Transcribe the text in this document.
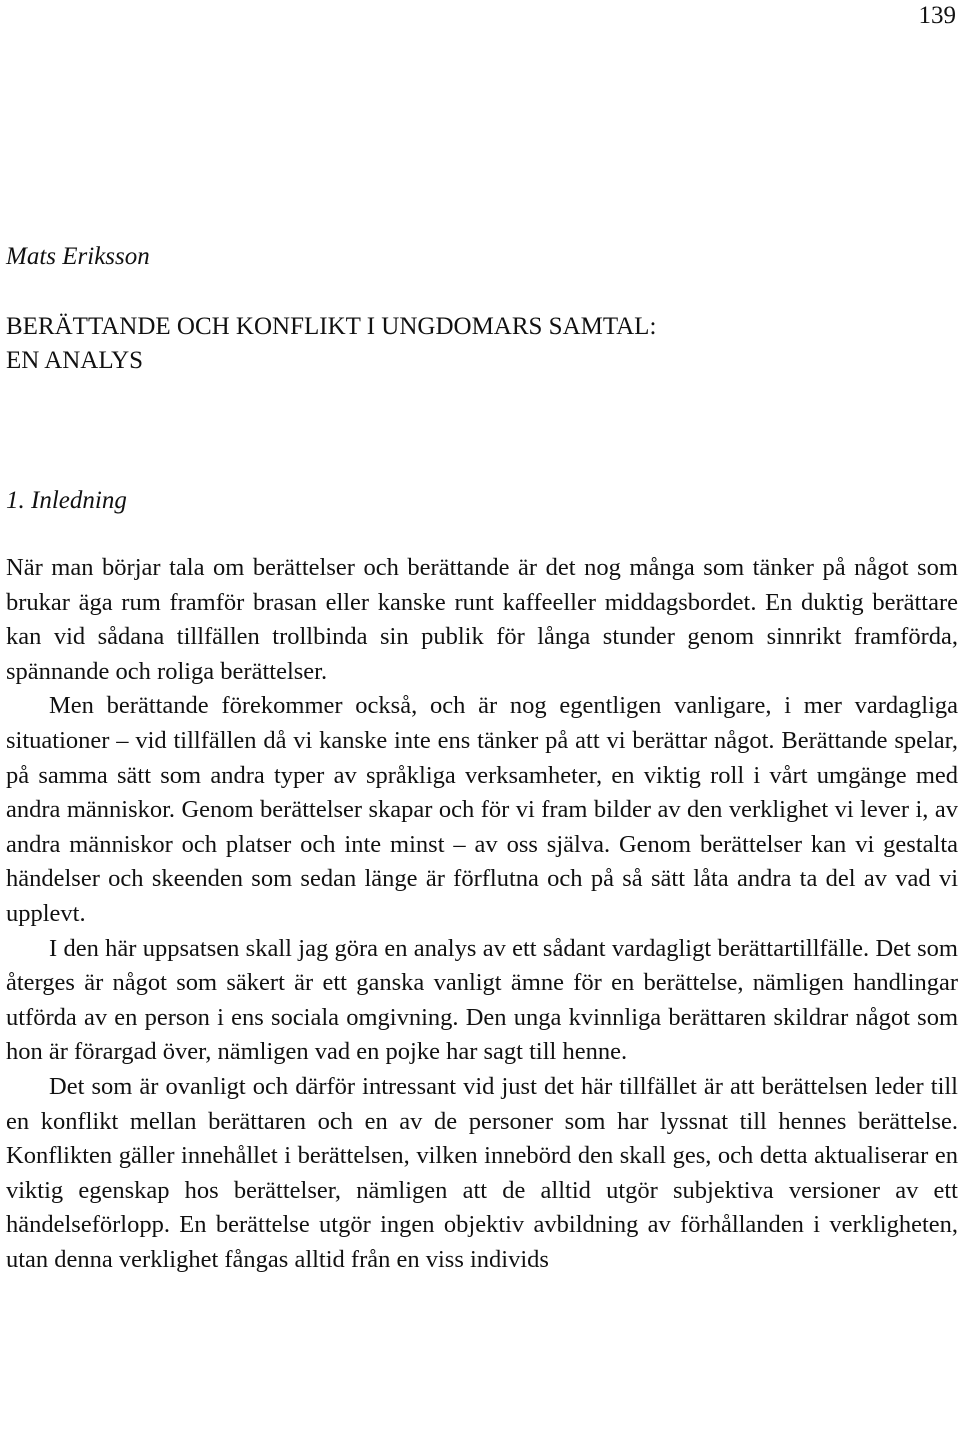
139
Mats Eriksson
BERÄTTANDE OCH KONFLIKT I UNGDOMARS SAMTAL:
EN ANALYS
1. Inledning

När man börjar tala om berättelser och berättande är det nog många som tänker på något som brukar äga rum framför brasan eller kanske runt kaffeeller middagsbordet. En duktig berättare kan vid sådana tillfällen trollbinda sin publik för långa stunder genom sinnrikt framförda, spännande och roliga berättelser.

Men berättande förekommer också, och är nog egentligen vanligare, i mer vardagliga situationer – vid tillfällen då vi kanske inte ens tänker på att vi berättar något. Berättande spelar, på samma sätt som andra typer av språkliga verksamheter, en viktig roll i vårt umgänge med andra människor. Genom berättelser skapar och för vi fram bilder av den verklighet vi lever i, av andra människor och platser och inte minst – av oss själva. Genom berättelser kan vi gestalta händelser och skeenden som sedan länge är förflutna och på så sätt låta andra ta del av vad vi upplevt.

I den här uppsatsen skall jag göra en analys av ett sådant vardagligt berättartillfälle. Det som återges är något som säkert är ett ganska vanligt ämne för en berättelse, nämligen handlingar utförda av en person i ens sociala omgivning. Den unga kvinnliga berättaren skildrar något som hon är förargad över, nämligen vad en pojke har sagt till henne.

Det som är ovanligt och därför intressant vid just det här tillfället är att berättelsen leder till en konflikt mellan berättaren och en av de personer som har lyssnat till hennes berättelse. Konflikten gäller innehållet i berättelsen, vilken innebörd den skall ges, och detta aktualiserar en viktig egenskap hos berättelser, nämligen att de alltid utgör subjektiva versioner av ett händelseförlopp. En berättelse utgör ingen objektiv avbildning av förhållanden i verkligheten, utan denna verklighet fångas alltid från en viss individs
